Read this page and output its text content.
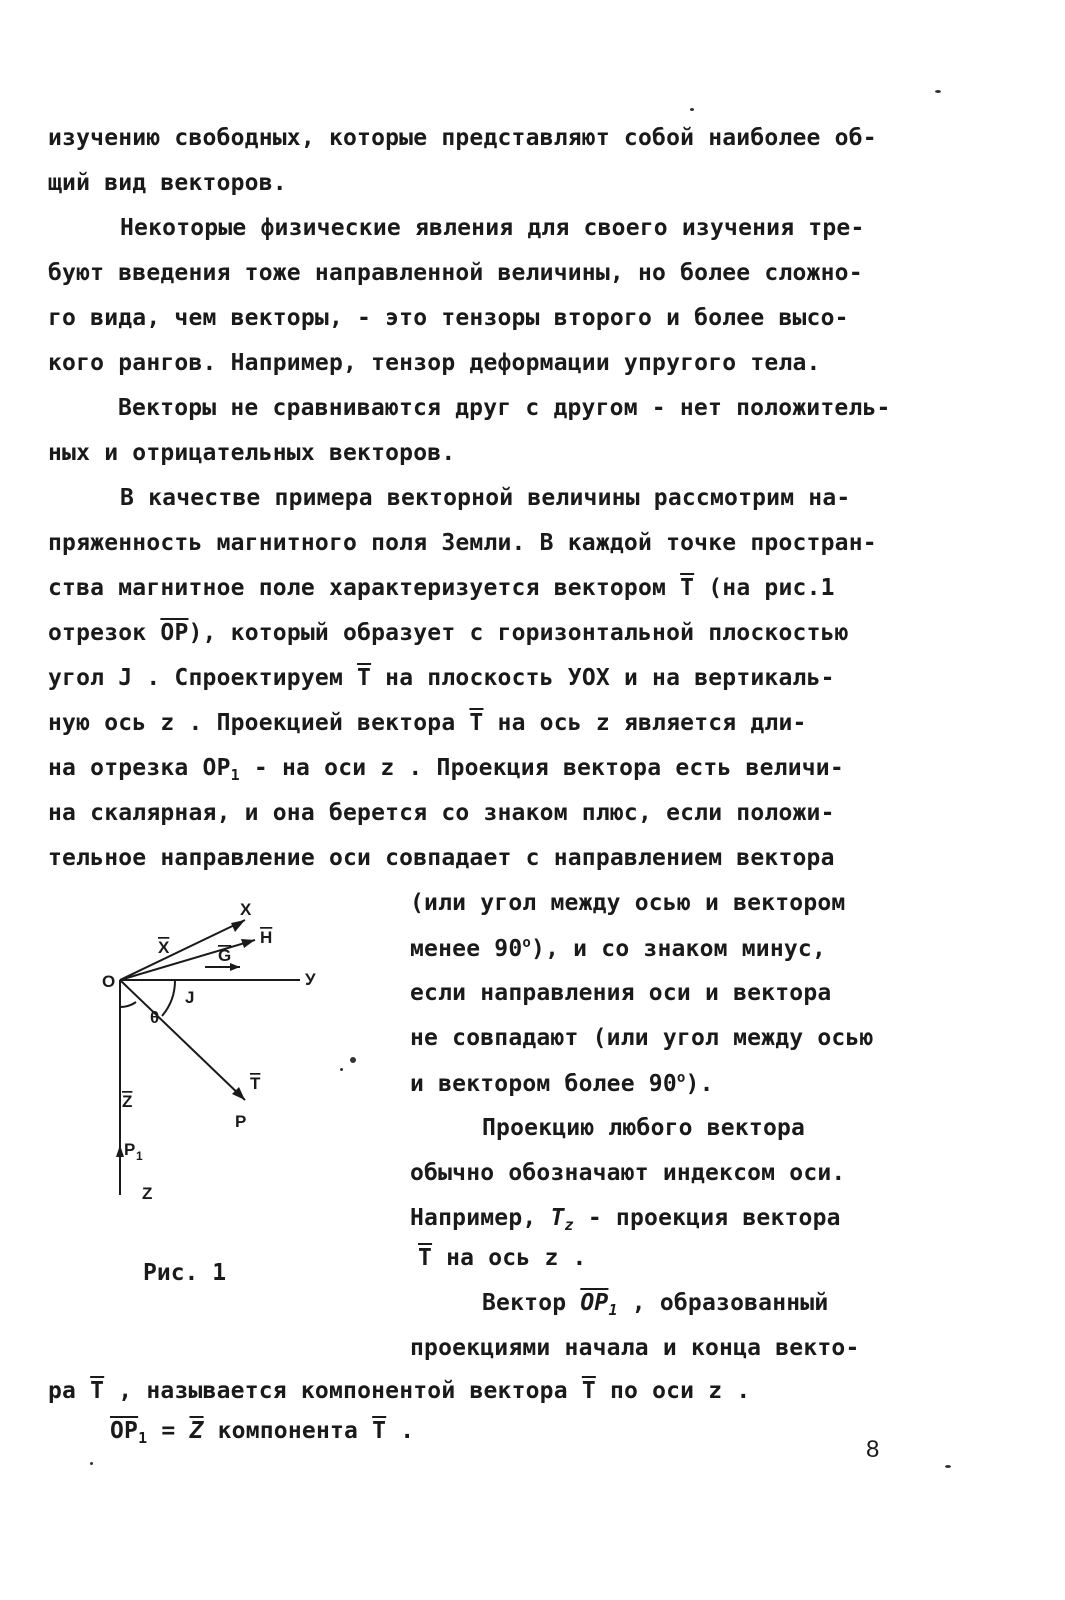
изучению свободных, которые представляют собой наиболее об-
щий вид векторов.
Некоторые физические явления для своего изучения тре-
буют введения тоже направленной величины, но более сложно-
го вида, чем векторы, - это тензоры второго и более высо-
кого рангов. Например, тензор деформации упругого тела.
Векторы не сравниваются друг с другом - нет положитель-
ных и отрицательных векторов.
В качестве примера векторной величины рассмотрим на-
пряженность магнитного поля Земли. В каждой точке простран-
ства магнитное поле характеризуется вектором $\overline{T}$ (на рис.1
отрезок $\overline{OP}$), который образует с горизонтальной плоскостью
угол J . Спроектируем $\overline{T}$ на плоскость УОХ и на вертикаль-
ную ось z . Проекцией вектора $\overline{T}$ на ось z является дли-
на отрезка $OP_1$ - на оси z . Проекция вектора есть величи-
на скалярная, и она берется со знаком плюс, если положи-
тельное направление оси совпадает с направлением вектора
(или угол между осью и вектором
менее 90$^o$), и со знаком минус,
если направления оси и вектора
не совпадают (или угол между осью
и вектором более 90$^o$).
Проекцию любого вектора
обычно обозначают индексом оси.
Например, $T_z$ - проекция вектора
$\overline{T}$ на ось z .
Вектор $\overline{OP}_1$ , образованный
проекциями начала и конца векто-
ра $\overline{T}$ , называется компонентой вектора $\overline{T}$ по оси z .
$\overline{OP}_1 = \overline{Z}$ компонента $\overline{T}$ .
O
X
X
H
G
У
J
θ
T
P
Z
P 1
Z
Рис. 1
8
